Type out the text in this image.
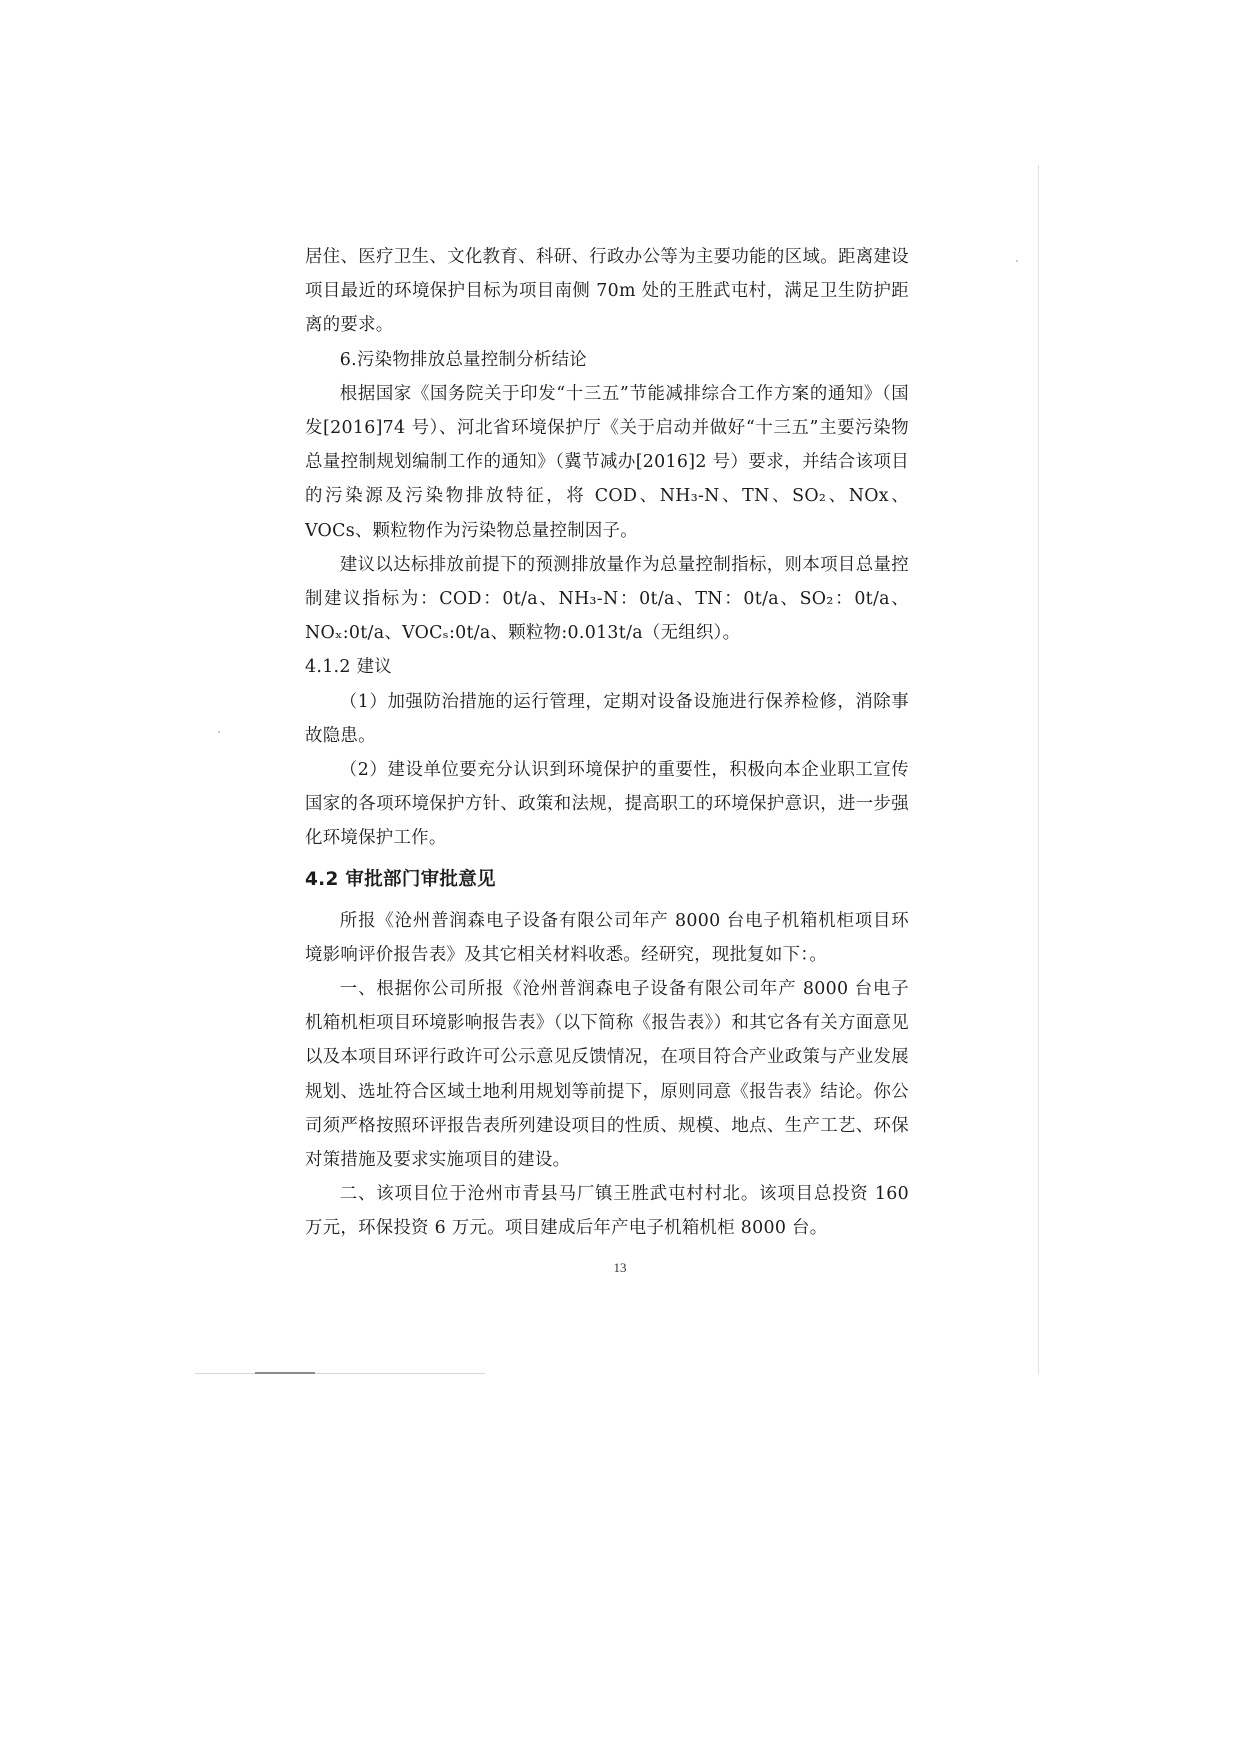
居住、医疗卫生、文化教育、科研、行政办公等为主要功能的区域。距离建设项目最近的环境保护目标为项目南侧 70m 处的王胜武屯村，满足卫生防护距离的要求。

6.污染物排放总量控制分析结论

根据国家《国务院关于印发“十三五”节能减排综合工作方案的通知》（国发[2016]74 号）、河北省环境保护厅《关于启动并做好“十三五”主要污染物总量控制规划编制工作的通知》（冀节减办[2016]2 号）要求，并结合该项目的污染源及污染物排放特征，将 COD、NH₃-N、TN、SO₂、NOx、VOCs、颗粒物作为污染物总量控制因子。

建议以达标排放前提下的预测排放量作为总量控制指标，则本项目总量控制建议指标为：COD：0t/a、NH₃-N：0t/a、TN：0t/a、SO₂：0t/a、NOₓ:0t/a、VOCₛ:0t/a、颗粒物:0.013t/a（无组织）。

4.1.2 建议

（1）加强防治措施的运行管理，定期对设备设施进行保养检修，消除事故隐患。

（2）建设单位要充分认识到环境保护的重要性，积极向本企业职工宣传国家的各项环境保护方针、政策和法规，提高职工的环境保护意识，进一步强化环境保护工作。

4.2 审批部门审批意见

所报《沧州普润森电子设备有限公司年产 8000 台电子机箱机柜项目环境影响评价报告表》及其它相关材料收悉。经研究，现批复如下：。

一、根据你公司所报《沧州普润森电子设备有限公司年产 8000 台电子机箱机柜项目环境影响报告表》（以下简称《报告表》）和其它各有关方面意见以及本项目环评行政许可公示意见反馈情况，在项目符合产业政策与产业发展规划、选址符合区域土地利用规划等前提下，原则同意《报告表》结论。你公司须严格按照环评报告表所列建设项目的性质、规模、地点、生产工艺、环保对策措施及要求实施项目的建设。

二、该项目位于沧州市青县马厂镇王胜武屯村村北。该项目总投资 160 万元，环保投资 6 万元。项目建成后年产电子机箱机柜 8000 台。

13
